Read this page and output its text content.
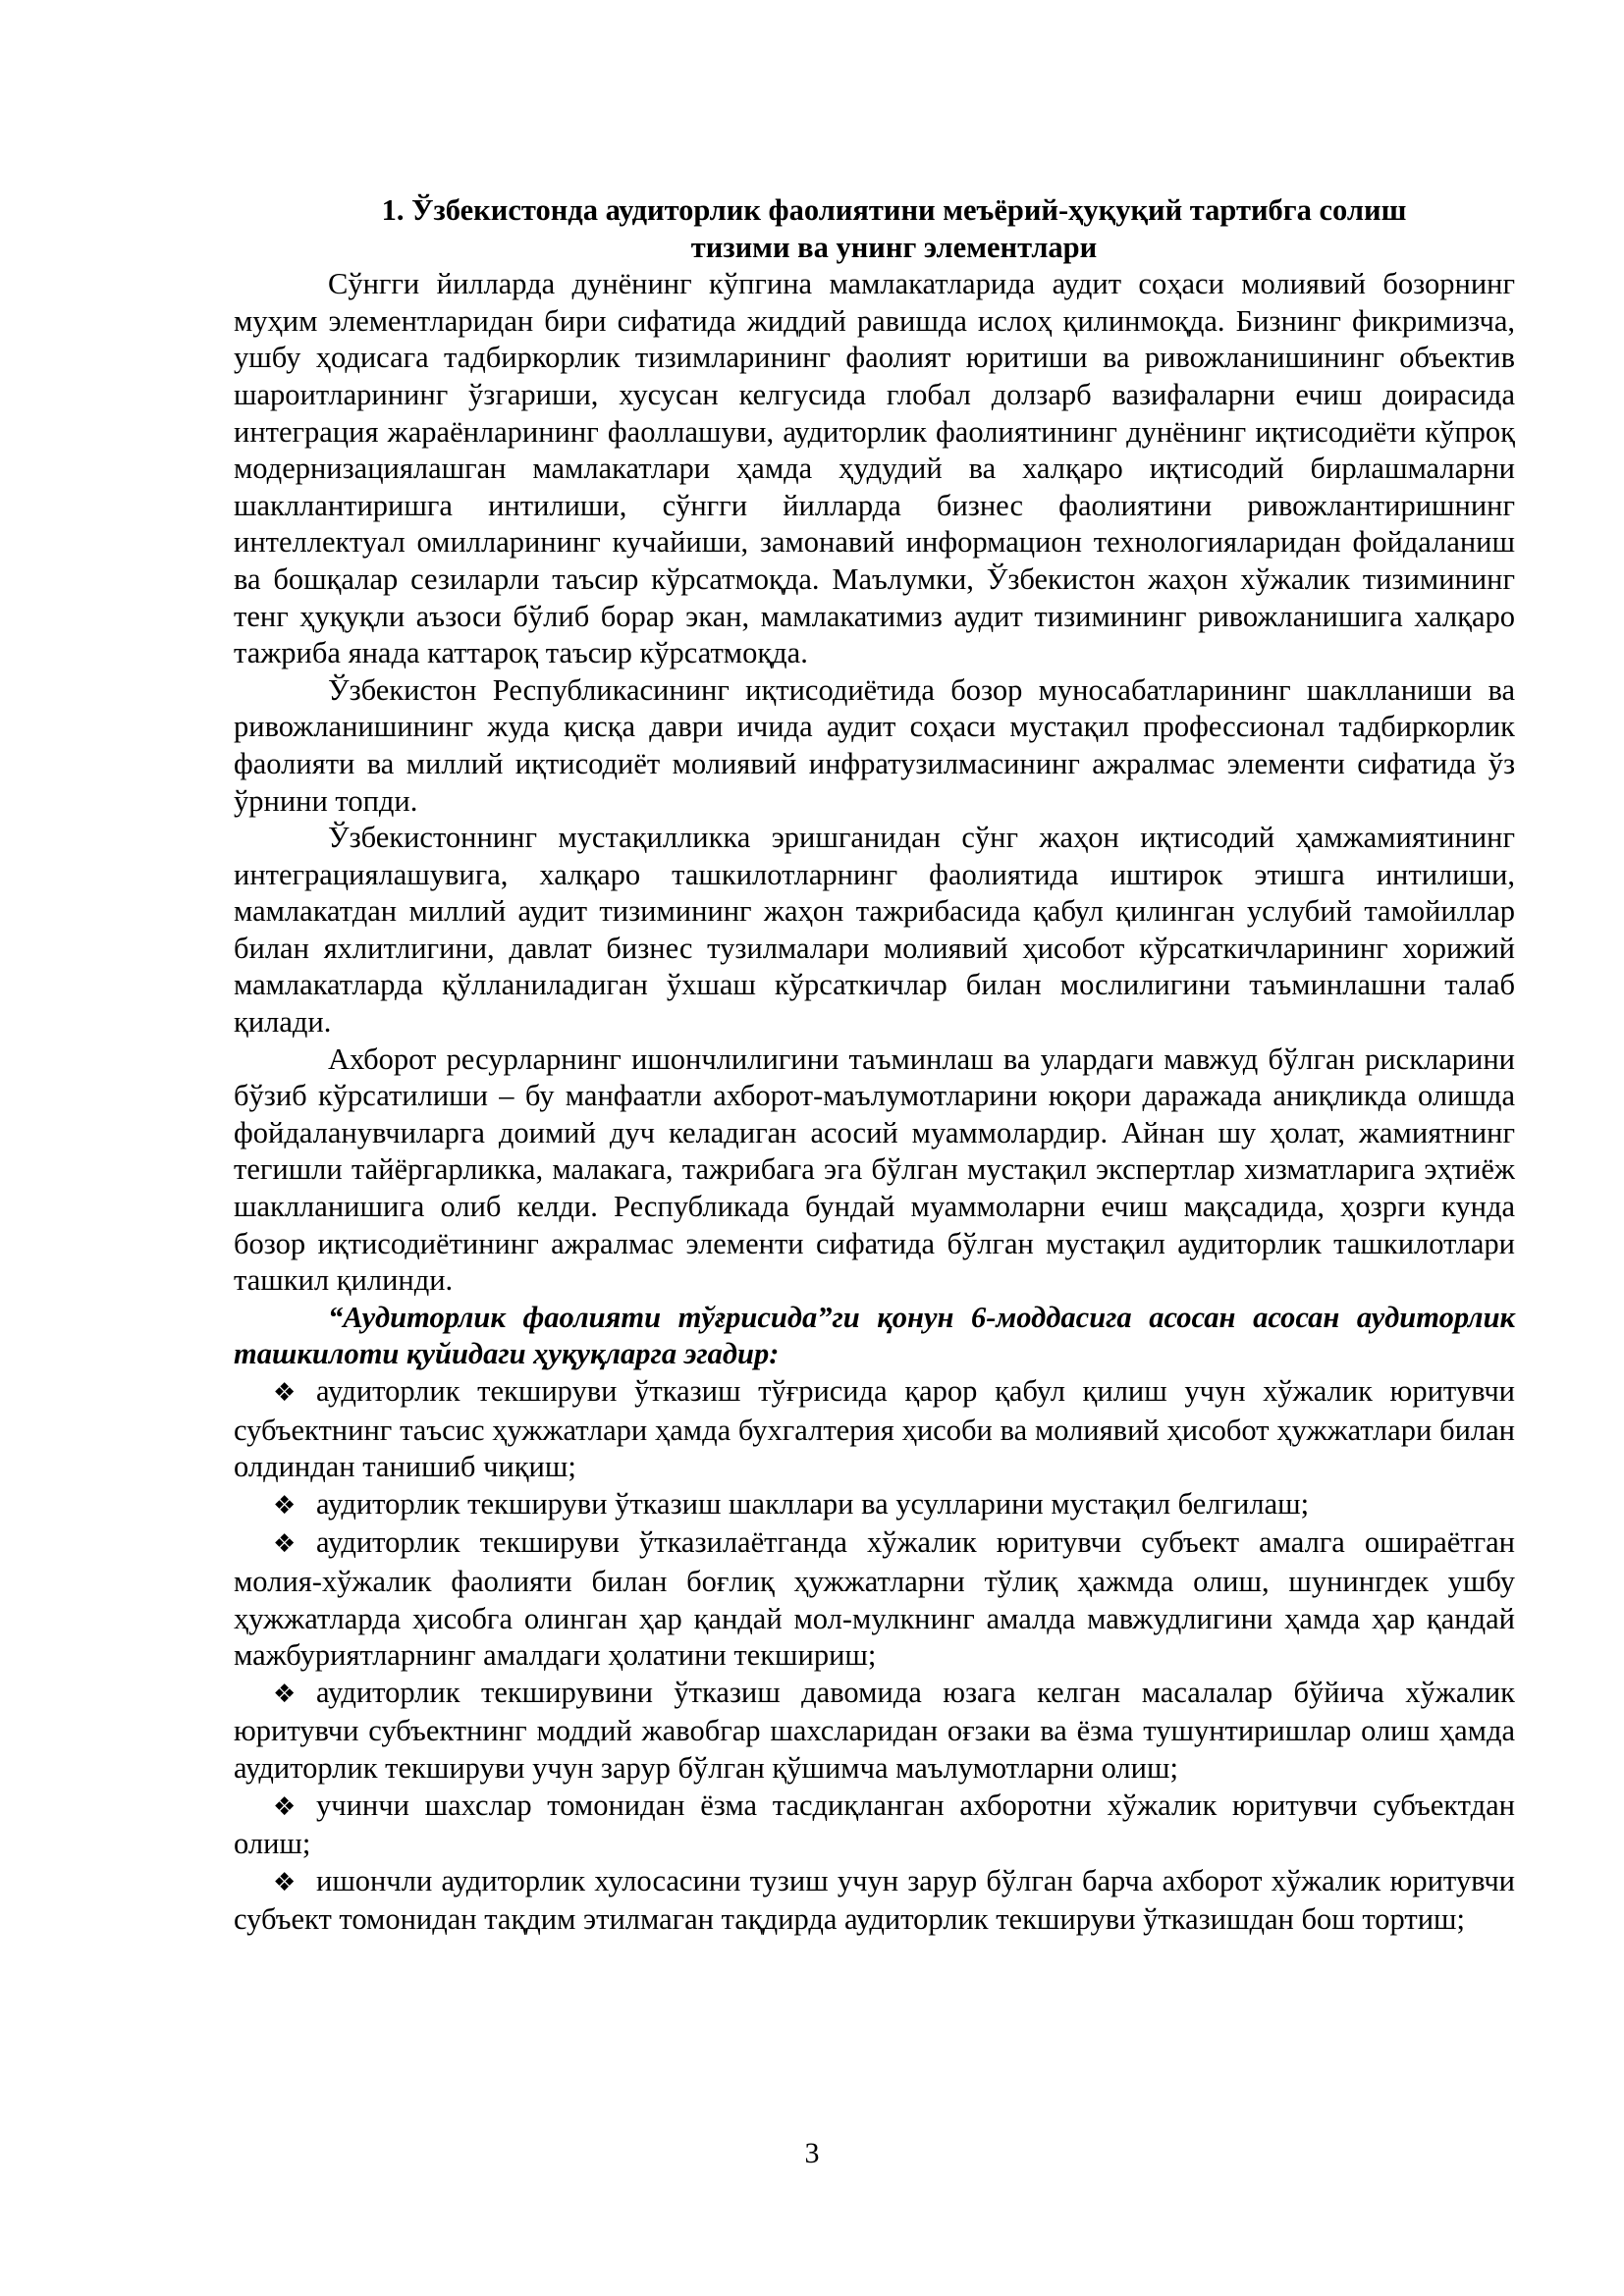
1. Ўзбекистонда аудиторлик фаолиятини меъёрий-ҳуқуқий тартибга солиш
тизими ва унинг элементлари

Сўнгги йилларда дунёнинг кўпгина мамлакатларида аудит соҳаси молиявий бозорнинг муҳим элементларидан бири сифатида жиддий равишда ислоҳ қилинмоқда. Бизнинг фикримизча, ушбу ҳодисага тадбиркорлик тизимларининг фаолият юритиши ва ривожланишининг объектив шароитларининг ўзгариши, хусусан келгусида глобал долзарб вазифаларни ечиш доирасида интеграция жараёнларининг фаоллашуви, аудиторлик фаолиятининг дунёнинг иқтисодиёти кўпроқ модернизациялашган мамлакатлари ҳамда ҳудудий ва халқаро иқтисодий бирлашмаларни шакллантиришга интилиши, сўнгги йилларда бизнес фаолиятини ривожлантиришнинг интеллектуал омилларининг кучайиши, замонавий информацион технологияларидан фойдаланиш ва бошқалар сезиларли таъсир кўрсатмоқда. Маълумки, Ўзбекистон жаҳон хўжалик тизимининг тенг ҳуқуқли аъзоси бўлиб борар экан, мамлакатимиз аудит тизимининг ривожланишига халқаро тажриба янада каттароқ таъсир кўрсатмоқда.

Ўзбекистон Республикасининг иқтисодиётида бозор муносабатларининг шаклланиши ва ривожланишининг жуда қисқа даври ичида аудит соҳаси мустақил профессионал тадбиркорлик фаолияти ва миллий иқтисодиёт молиявий инфратузилмасининг ажралмас элементи сифатида ўз ўрнини топди.

Ўзбекистоннинг мустақилликка эришганидан сўнг жаҳон иқтисодий ҳамжамиятининг интеграциялашувига, халқаро ташкилотларнинг фаолиятида иштирок этишга интилиши, мамлакатдан миллий аудит тизимининг жаҳон тажрибасида қабул қилинган услубий тамойиллар билан яхлитлигини, давлат бизнес тузилмалари молиявий ҳисобот кўрсаткичларининг хорижий мамлакатларда қўлланиладиган ўхшаш кўрсаткичлар билан мослилигини таъминлашни талаб қилади.

Ахборот ресурларнинг ишончлилигини таъминлаш ва улардаги мавжуд бўлган рискларини бўзиб кўрсатилиши – бу манфаатли ахборот-маълумотларини юқори даражада аниқликда олишда фойдаланувчиларга доимий дуч келадиган асосий муаммолардир. Айнан шу ҳолат, жамиятнинг тегишли тайёргарликка, малакага, тажрибага эга бўлган мустақил экспертлар хизматларига эҳтиёж шаклланишига олиб келди. Республикада бундай муаммоларни ечиш мақсадида, ҳозрги кунда бозор иқтисодиётининг ажралмас элементи сифатида бўлган мустақил аудиторлик ташкилотлари ташкил қилинди.

“Аудиторлик фаолияти тўғрисида”ги қонун 6-моддасига асосан асосан аудиторлик ташкилоти қуйидаги ҳуқуқларга эгадир:

❖ аудиторлик текшируви ўтказиш тўғрисида қарор қабул қилиш учун хўжалик юритувчи субъектнинг таъсис ҳужжатлари ҳамда бухгалтерия ҳисоби ва молиявий ҳисобот ҳужжатлари билан олдиндан танишиб чиқиш;

❖ аудиторлик текшируви ўтказиш шакллари ва усулларини мустақил белгилаш;

❖ аудиторлик текшируви ўтказилаётганда хўжалик юритувчи субъект амалга ошираётган молия-хўжалик фаолияти билан боғлиқ ҳужжатларни тўлиқ ҳажмда олиш, шунингдек ушбу ҳужжатларда ҳисобга олинган ҳар қандай мол-мулкнинг амалда мавжудлигини ҳамда ҳар қандай мажбуриятларнинг амалдаги ҳолатини текшириш;

❖ аудиторлик текширувини ўтказиш давомида юзага келган масалалар бўйича хўжалик юритувчи субъектнинг моддий жавобгар шахсларидан оғзаки ва ёзма тушунтиришлар олиш ҳамда аудиторлик текшируви учун зарур бўлган қўшимча маълумотларни олиш;

❖ учинчи шахслар томонидан ёзма тасдиқланган ахборотни хўжалик юритувчи субъектдан олиш;

❖ ишончли аудиторлик хулосасини тузиш учун зарур бўлган барча ахборот хўжалик юритувчи субъект томонидан тақдим этилмаган тақдирда аудиторлик текшируви ўтказишдан бош тортиш;

3
